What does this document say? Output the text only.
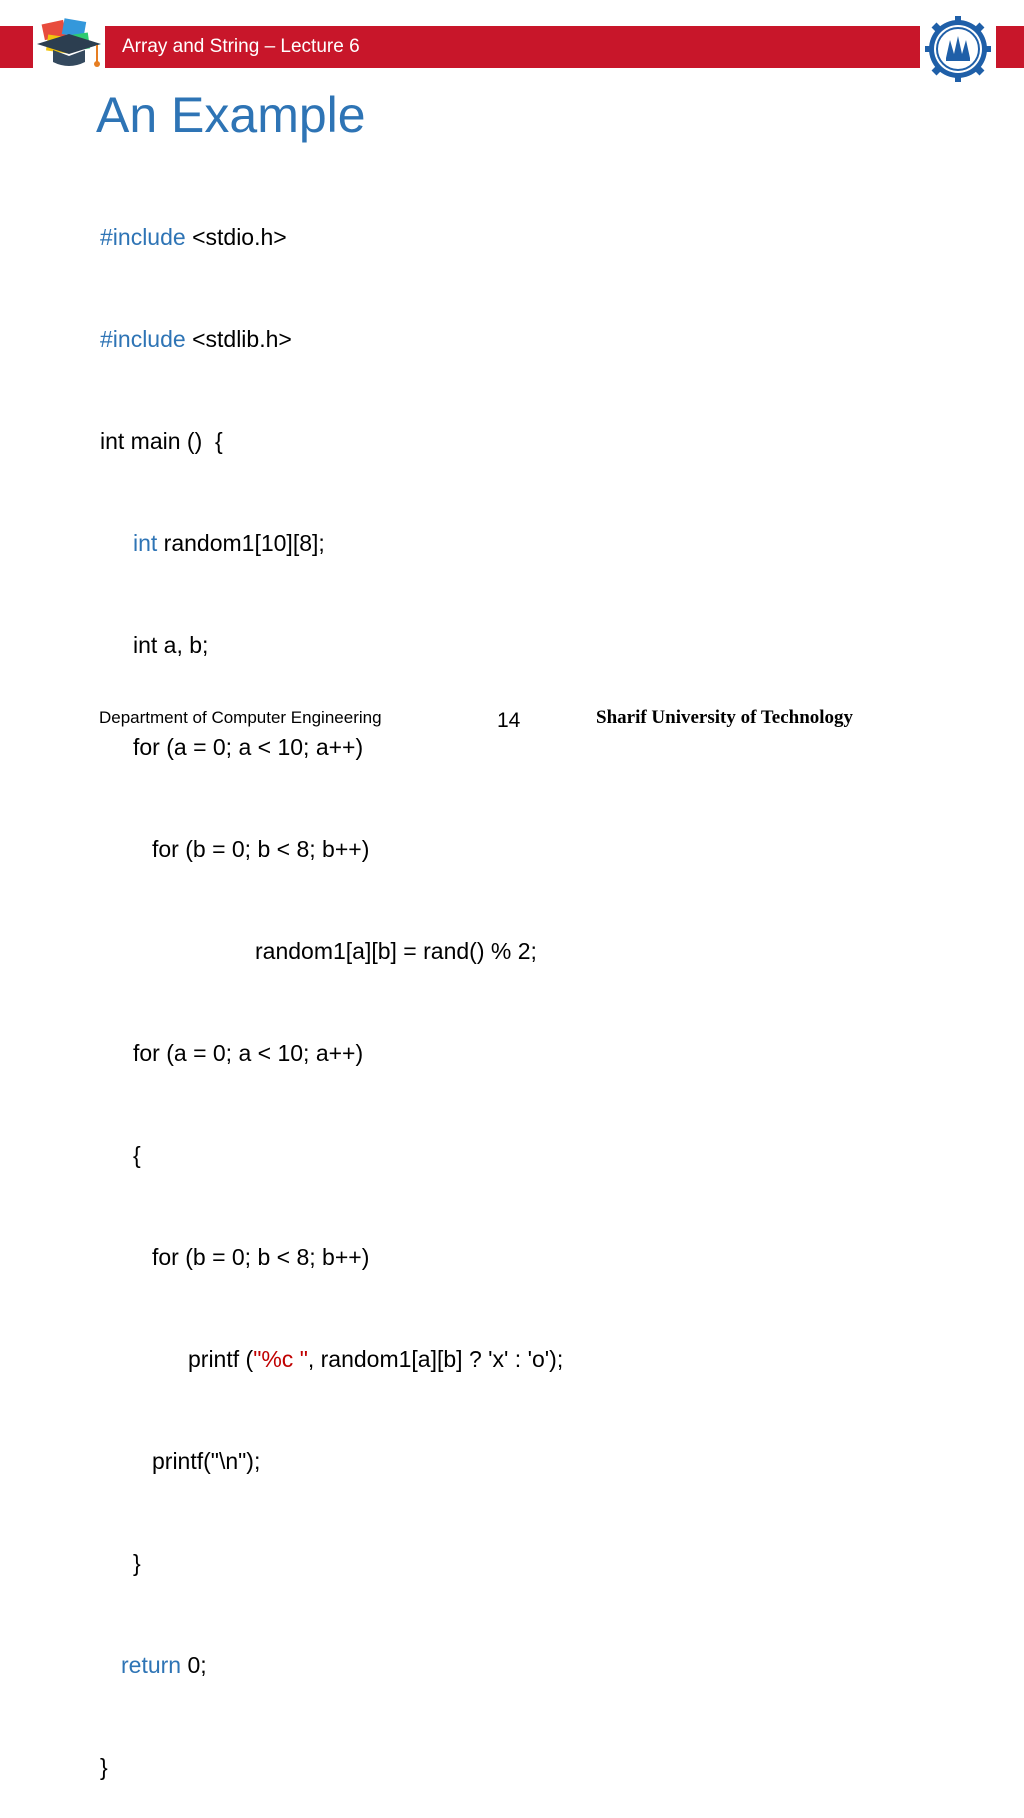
Array and String – Lecture 6
An Example

#include <stdio.h>

#include <stdlib.h>

int main ()  {

int random1[10][8];

int a, b;

for (a = 0; a < 10; a++)

for (b = 0; b < 8; b++)

random1[a][b] = rand() % 2;

for (a = 0; a < 10; a++)

{

for (b = 0; b < 8; b++)

printf ("%c ", random1[a][b] ? 'x' : 'o');

printf("\n");

}

return 0;

}

Department of Computer Engineering	14	Sharif University of Technology
